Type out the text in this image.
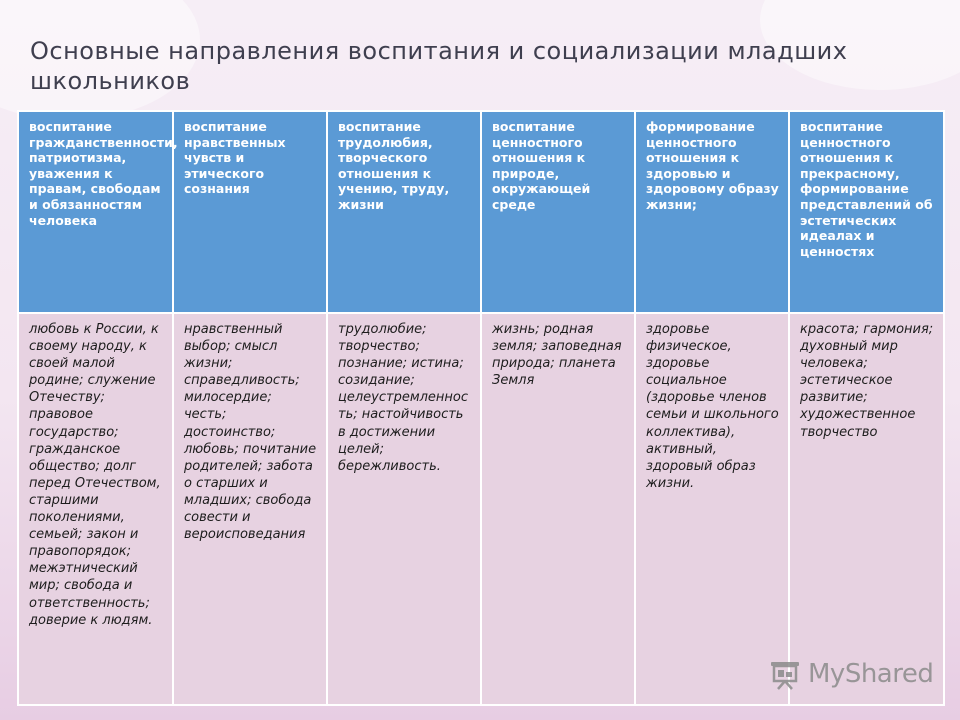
Основные направления воспитания и социализации младших школьников
воспитание гражданственности, патриотизма, уважения к правам, свободам и обязанностям человека	воспитание нравственных чувств и этического сознания	воспитание трудолюбия, творческого отношения к учению, труду, жизни	воспитание ценностного отношения к природе, окружающей среде	формирование ценностного отношения к здоровью и здоровому образу жизни;	воспитание ценностного отношения к прекрасному, формирование представлений об эстетических идеалах и ценностях
любовь к России, к своему народу, к своей малой родине; служение Отечеству; правовое государство; гражданское общество; долг перед Отечеством, старшими поколениями, семьей; закон и правопорядок; межэтнический мир; свобода и ответственность; доверие к людям.	нравственный выбор; смысл жизни; справедливость; милосердие; честь; достоинство; любовь; почитание родителей; забота о старших и младших; свобода совести и вероисповедания	трудолюбие; творчество; познание; истина; созидание; целеустремленность; настойчивость в достижении целей; бережливость.	жизнь; родная земля; заповедная природа; планета Земля	здоровье физическое, здоровье социальное (здоровье членов семьи и школьного коллектива), активный, здоровый образ жизни.	красота; гармония; духовный мир человека; эстетическое развитие; художественное творчество
MyShared
